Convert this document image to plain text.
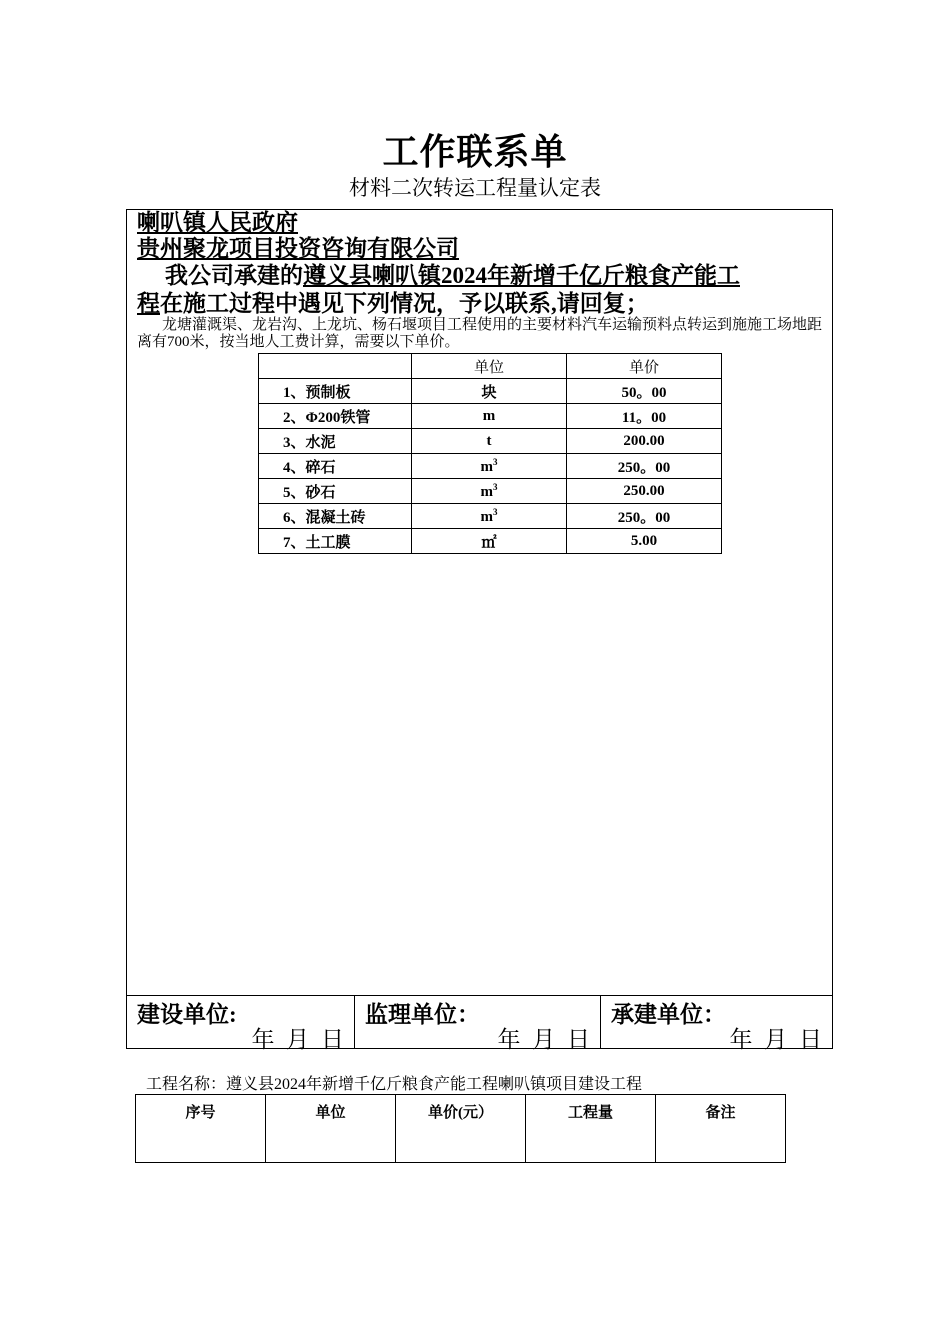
工作联系单
材料二次转运工程量认定表
喇叭镇人民政府
贵州聚龙项目投资咨询有限公司
我公司承建的遵义县喇叭镇2024年新增千亿斤粮食产能工
程在施工过程中遇见下列情况，予以联系,请回复；
龙塘灌溉渠、龙岩沟、上龙坑、杨石堰项目工程使用的主要材料汽车运输预料点转运到施施工场地距离有700米，按当地人工费计算，需要以下单价。
	单位	单价
1、预制板	块	50。00
2、Φ200铁管	m	11。00
3、水泥	t	200.00
4、碎石	$m^3$	250。00
5、砂石	$m^3$	250.00
6、混凝土砖	$m^3$	250。00
7、土工膜	㎡	5.00
建设单位:
年 月 日
监理单位：
年 月 日
承建单位：
年 月 日
工程名称：遵义县2024年新增千亿斤粮食产能工程喇叭镇项目建设工程
序号	单位	单价(元）	工程量	备注
